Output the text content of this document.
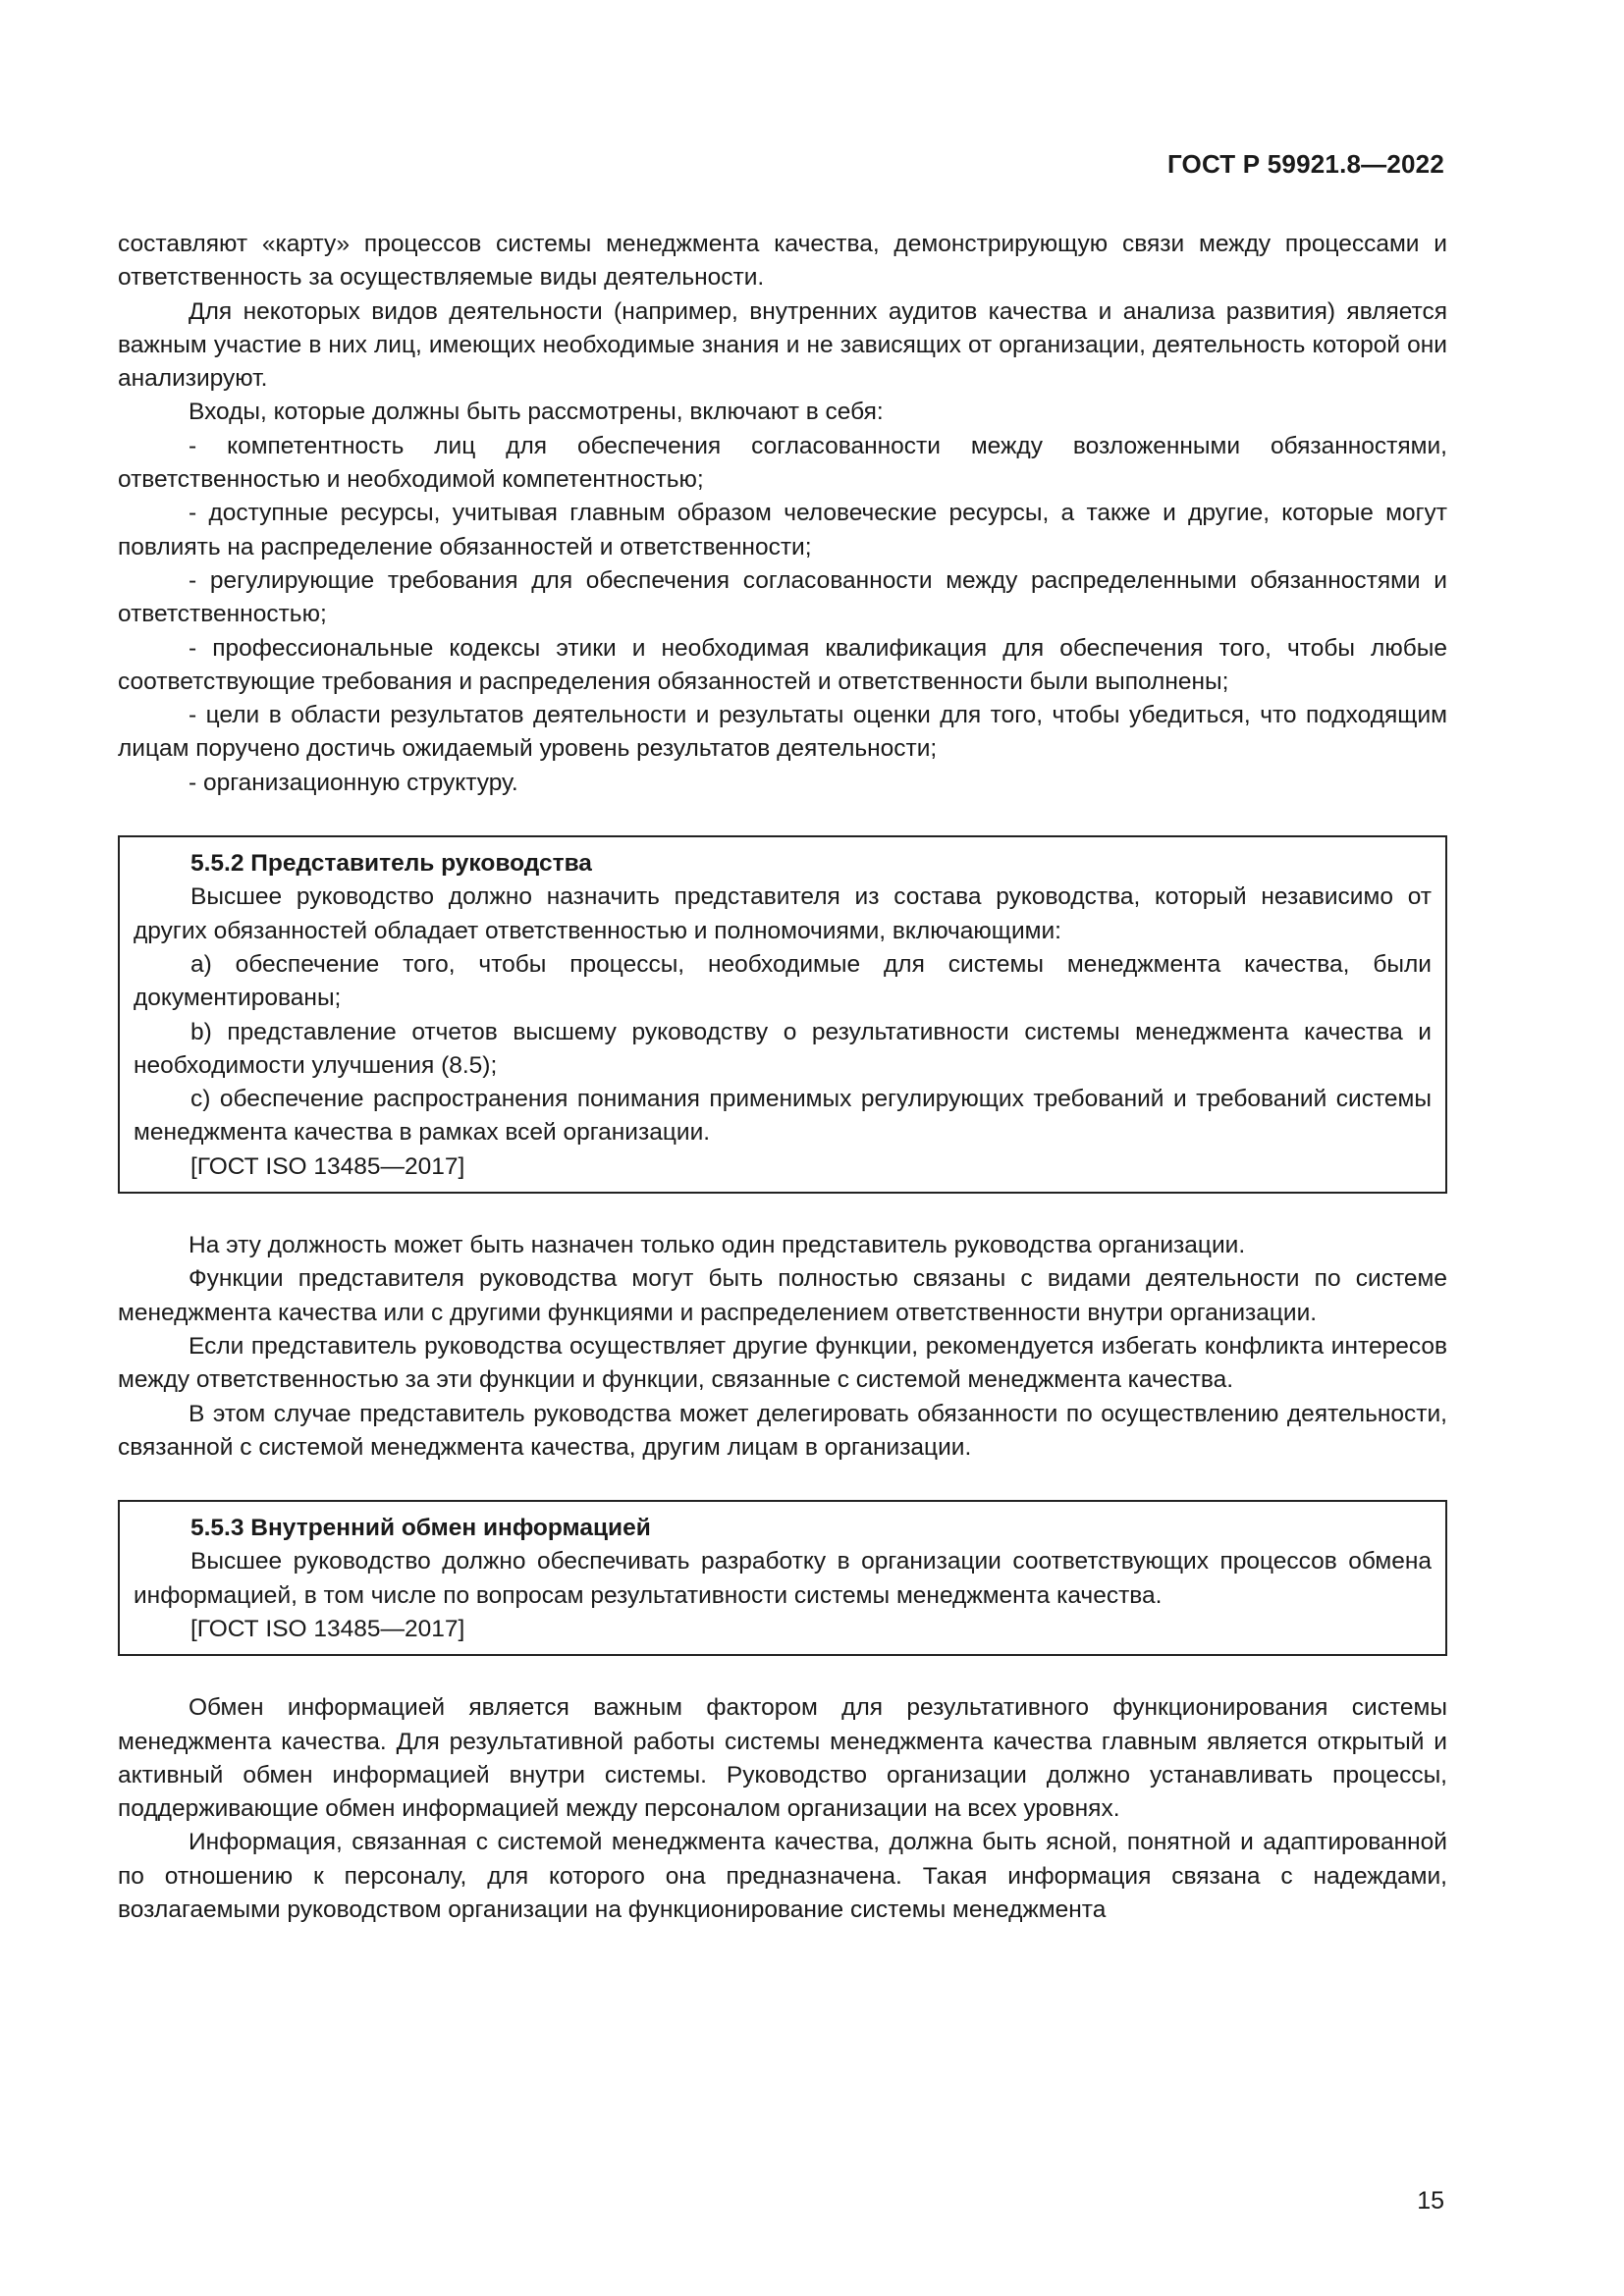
ГОСТ Р 59921.8—2022

составляют «карту» процессов системы менеджмента качества, демонстрирующую связи между процессами и ответственность за осуществляемые виды деятельности.

Для некоторых видов деятельности (например, внутренних аудитов качества и анализа развития) является важным участие в них лиц, имеющих необходимые знания и не зависящих от организации, деятельность которой они анализируют.

Входы, которые должны быть рассмотрены, включают в себя:

- компетентность лиц для обеспечения согласованности между возложенными обязанностями, ответственностью и необходимой компетентностью;

- доступные ресурсы, учитывая главным образом человеческие ресурсы, а также и другие, которые могут повлиять на распределение обязанностей и ответственности;

- регулирующие требования для обеспечения согласованности между распределенными обязанностями и ответственностью;

- профессиональные кодексы этики и необходимая квалификация для обеспечения того, чтобы любые соответствующие требования и распределения обязанностей и ответственности были выполнены;

- цели в области результатов деятельности и результаты оценки для того, чтобы убедиться, что подходящим лицам поручено достичь ожидаемый уровень результатов деятельности;

- организационную структуру.

5.5.2 Представитель руководства

Высшее руководство должно назначить представителя из состава руководства, который независимо от других обязанностей обладает ответственностью и полномочиями, включающими:

a) обеспечение того, чтобы процессы, необходимые для системы менеджмента качества, были документированы;

b) представление отчетов высшему руководству о результативности системы менеджмента качества и необходимости улучшения (8.5);

c) обеспечение распространения понимания применимых регулирующих требований и требований системы менеджмента качества в рамках всей организации.

[ГОСТ ISO 13485—2017]

На эту должность может быть назначен только один представитель руководства организации.

Функции представителя руководства могут быть полностью связаны с видами деятельности по системе менеджмента качества или с другими функциями и распределением ответственности внутри организации.

Если представитель руководства осуществляет другие функции, рекомендуется избегать конфликта интересов между ответственностью за эти функции и функции, связанные с системой менеджмента качества.

В этом случае представитель руководства может делегировать обязанности по осуществлению деятельности, связанной с системой менеджмента качества, другим лицам в организации.

5.5.3 Внутренний обмен информацией

Высшее руководство должно обеспечивать разработку в организации соответствующих процессов обмена информацией, в том числе по вопросам результативности системы менеджмента качества.

[ГОСТ ISO 13485—2017]

Обмен информацией является важным фактором для результативного функционирования системы менеджмента качества. Для результативной работы системы менеджмента качества главным является открытый и активный обмен информацией внутри системы. Руководство организации должно устанавливать процессы, поддерживающие обмен информацией между персоналом организации на всех уровнях.

Информация, связанная с системой менеджмента качества, должна быть ясной, понятной и адаптированной по отношению к персоналу, для которого она предназначена. Такая информация связана с надеждами, возлагаемыми руководством организации на функционирование системы менеджмента

15
